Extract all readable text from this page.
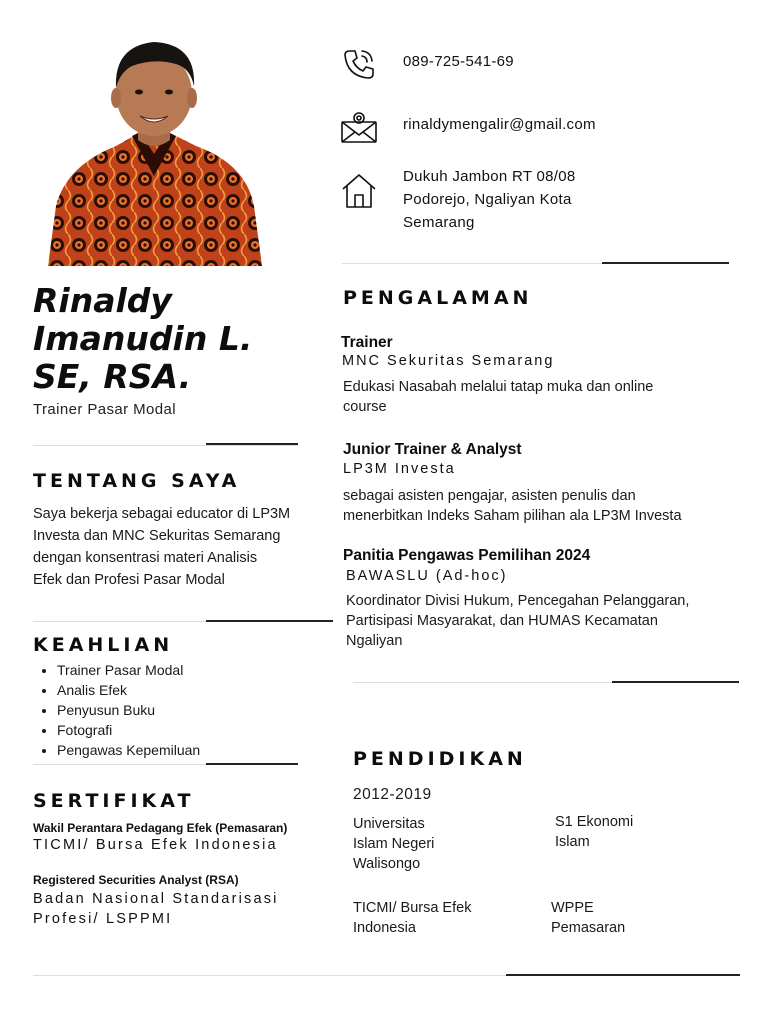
Rinaldy
Imanudin L.
SE, RSA.
Trainer Pasar Modal
TENTANG SAYA
Saya bekerja sebagai educator di LP3M
Investa dan MNC Sekuritas Semarang
dengan konsentrasi materi Analisis
Efek dan Profesi Pasar Modal
KEAHLIAN
• Trainer Pasar Modal
• Analis Efek
• Penyusun Buku
• Fotografi
• Pengawas Kepemiluan
SERTIFIKAT
Wakil Perantara Pedagang Efek (Pemasaran)
TICMI/ Bursa Efek Indonesia
Registered Securities Analyst (RSA)
Badan Nasional Standarisasi
Profesi/ LSPPMI
089-725-541-69
rinaldymengalir@gmail.com
Dukuh Jambon RT 08/08
Podorejo, Ngaliyan Kota
Semarang
PENGALAMAN
Trainer
MNC Sekuritas Semarang
Edukasi Nasabah melalui tatap muka dan online
course
Junior Trainer & Analyst
LP3M Investa
sebagai asisten pengajar, asisten penulis dan
menerbitkan Indeks Saham pilihan ala LP3M Investa
Panitia Pengawas Pemilihan 2024
BAWASLU (Ad-hoc)
Koordinator Divisi Hukum, Pencegahan Pelanggaran,
Partisipasi Masyarakat, dan HUMAS Kecamatan
Ngaliyan
PENDIDIKAN
2012-2019
Universitas
Islam Negeri
Walisongo
S1 Ekonomi
Islam
TICMI/ Bursa Efek
Indonesia
WPPE
Pemasaran
